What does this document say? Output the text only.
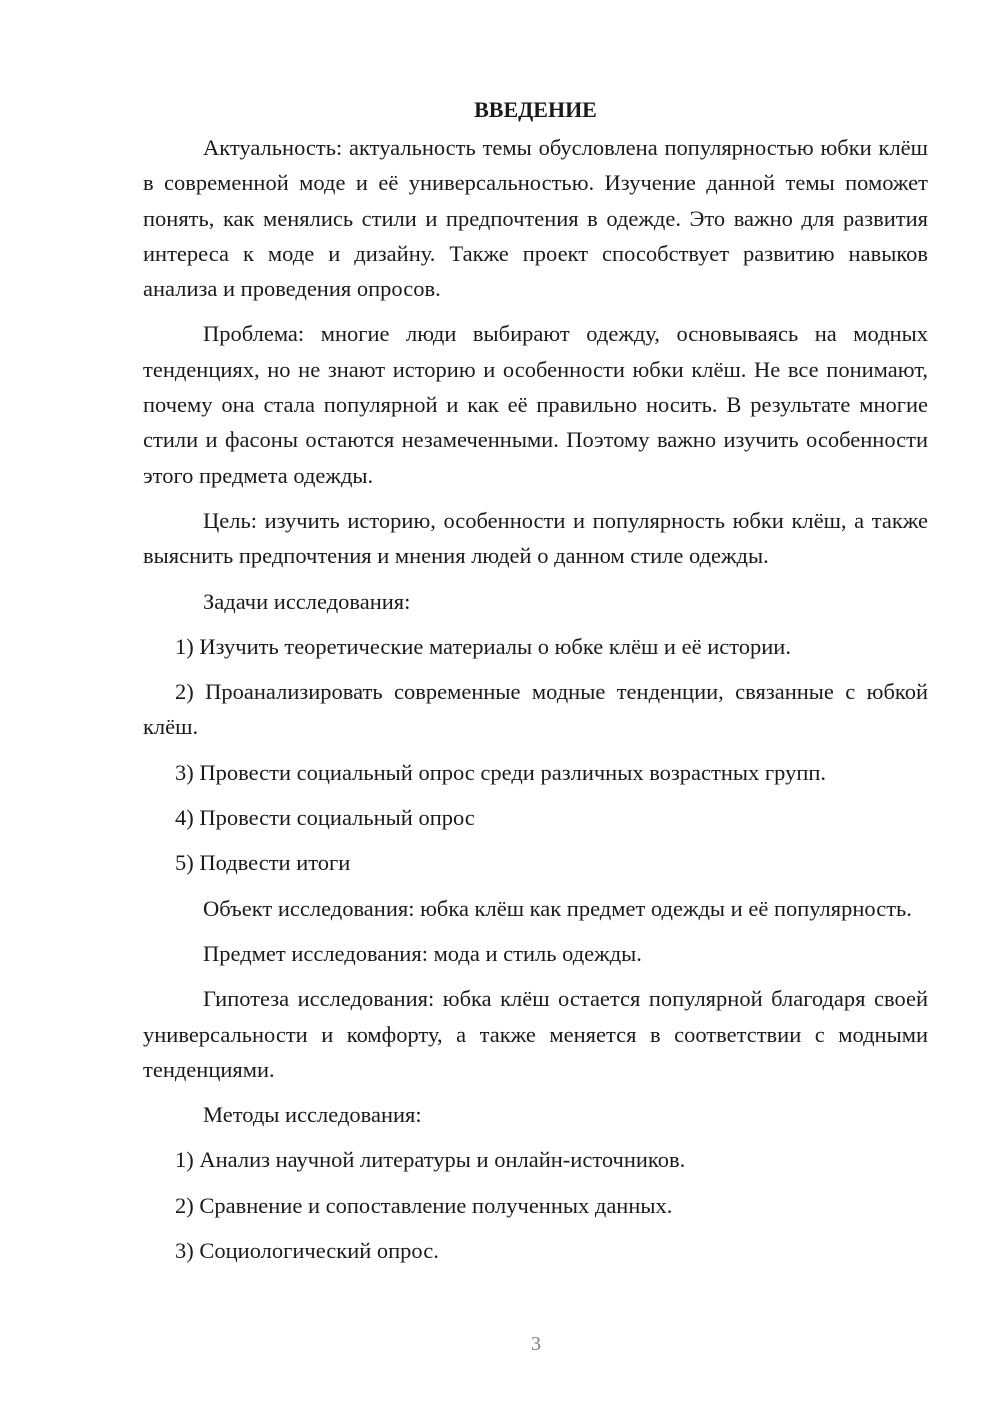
ВВЕДЕНИЕ

Актуальность: актуальность темы обусловлена популярностью юбки клёш в современной моде и её универсальностью. Изучение данной темы поможет понять, как менялись стили и предпочтения в одежде. Это важно для развития интереса к моде и дизайну. Также проект способствует развитию навыков анализа и проведения опросов.

Проблема: многие люди выбирают одежду, основываясь на модных тенденциях, но не знают историю и особенности юбки клёш. Не все понимают, почему она стала популярной и как её правильно носить. В результате многие стили и фасоны остаются незамеченными. Поэтому важно изучить особенности этого предмета одежды.

Цель: изучить историю, особенности и популярность юбки клёш, а также выяснить предпочтения и мнения людей о данном стиле одежды.

Задачи исследования:

1) Изучить теоретические материалы о юбке клёш и её истории.

2) Проанализировать современные модные тенденции, связанные с юбкой клёш.

3) Провести социальный опрос среди различных возрастных групп.

4) Провести социальный опрос

5) Подвести итоги

Объект исследования: юбка клёш как предмет одежды и её популярность.

Предмет исследования: мода и стиль одежды.

Гипотеза исследования: юбка клёш остается популярной благодаря своей универсальности и комфорту, а также меняется в соответствии с модными тенденциями.

Методы исследования:

1) Анализ научной литературы и онлайн-источников.

2) Сравнение и сопоставление полученных данных.

3) Социологический опрос.

3
